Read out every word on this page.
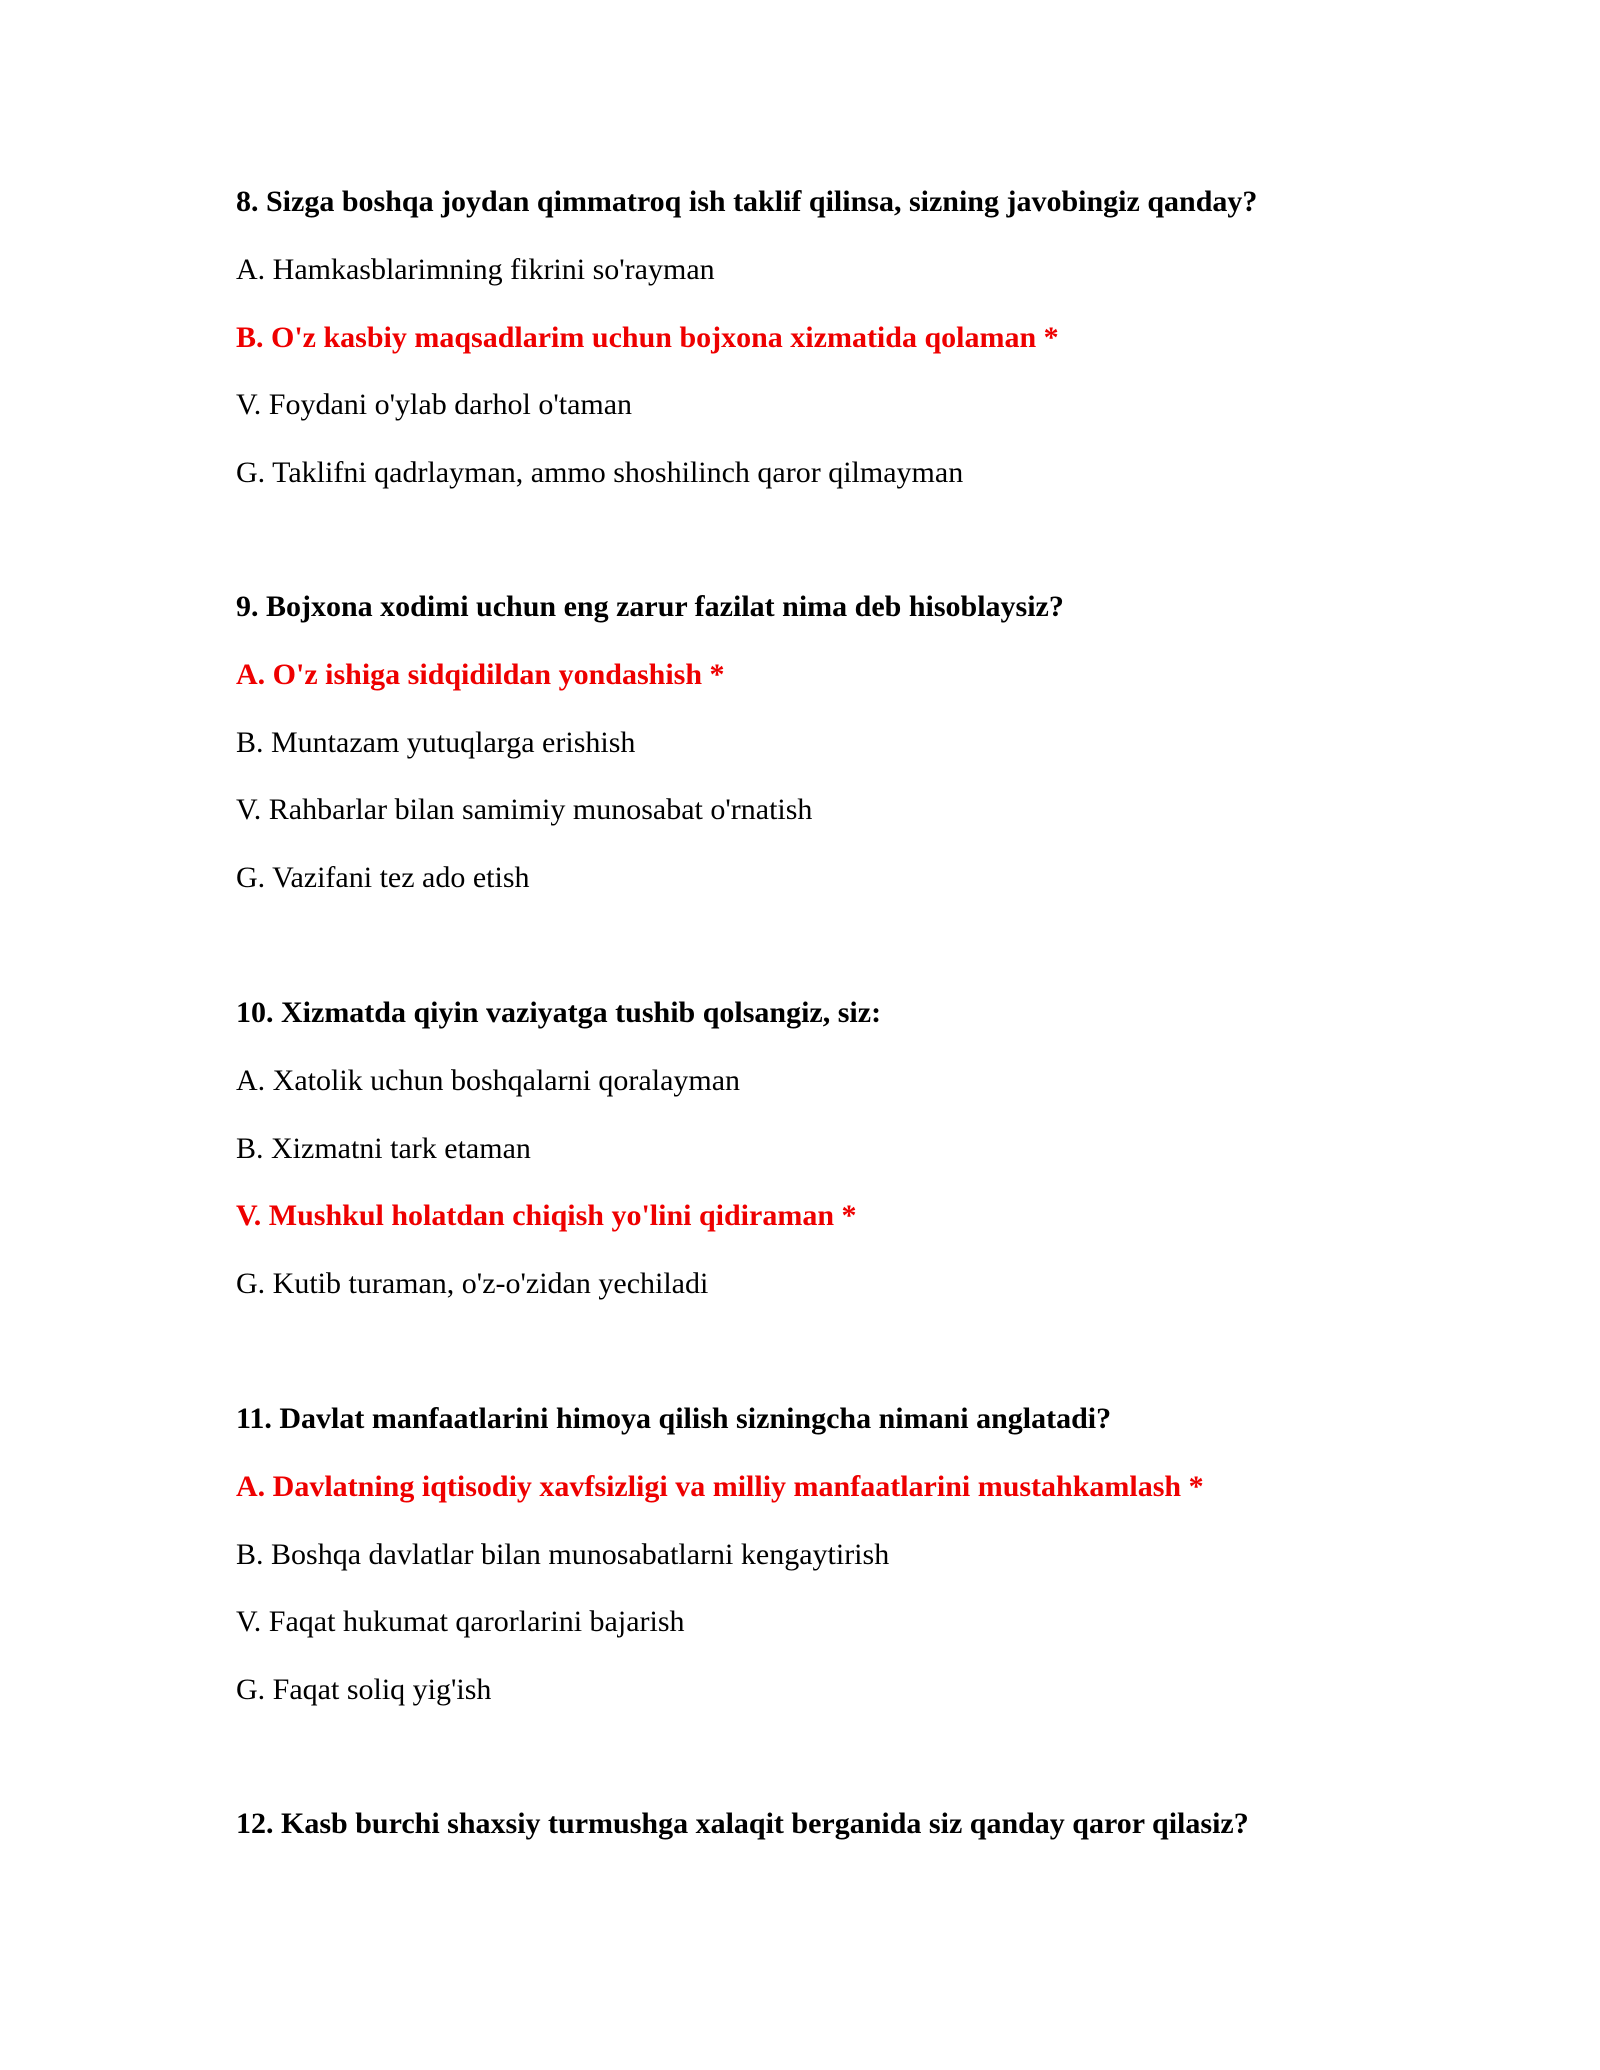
8. Sizga boshqa joydan qimmatroq ish taklif qilinsa, sizning javobingiz qanday?
A. Hamkasblarimning fikrini so'rayman
B. O'z kasbiy maqsadlarim uchun bojxona xizmatida qolaman *
V. Foydani o'ylab darhol o'taman
G. Taklifni qadrlayman, ammo shoshilinch qaror qilmayman
9. Bojxona xodimi uchun eng zarur fazilat nima deb hisoblaysiz?
A. O'z ishiga sidqidildan yondashish *
B. Muntazam yutuqlarga erishish
V. Rahbarlar bilan samimiy munosabat o'rnatish
G. Vazifani tez ado etish
10. Xizmatda qiyin vaziyatga tushib qolsangiz, siz:
A. Xatolik uchun boshqalarni qoralayman
B. Xizmatni tark etaman
V. Mushkul holatdan chiqish yo'lini qidiraman *
G. Kutib turaman, o'z-o'zidan yechiladi
11. Davlat manfaatlarini himoya qilish sizningcha nimani anglatadi?
A. Davlatning iqtisodiy xavfsizligi va milliy manfaatlarini mustahkamlash *
B. Boshqa davlatlar bilan munosabatlarni kengaytirish
V. Faqat hukumat qarorlarini bajarish
G. Faqat soliq yig'ish
12. Kasb burchi shaxsiy turmushga xalaqit berganida siz qanday qaror qilasiz?
